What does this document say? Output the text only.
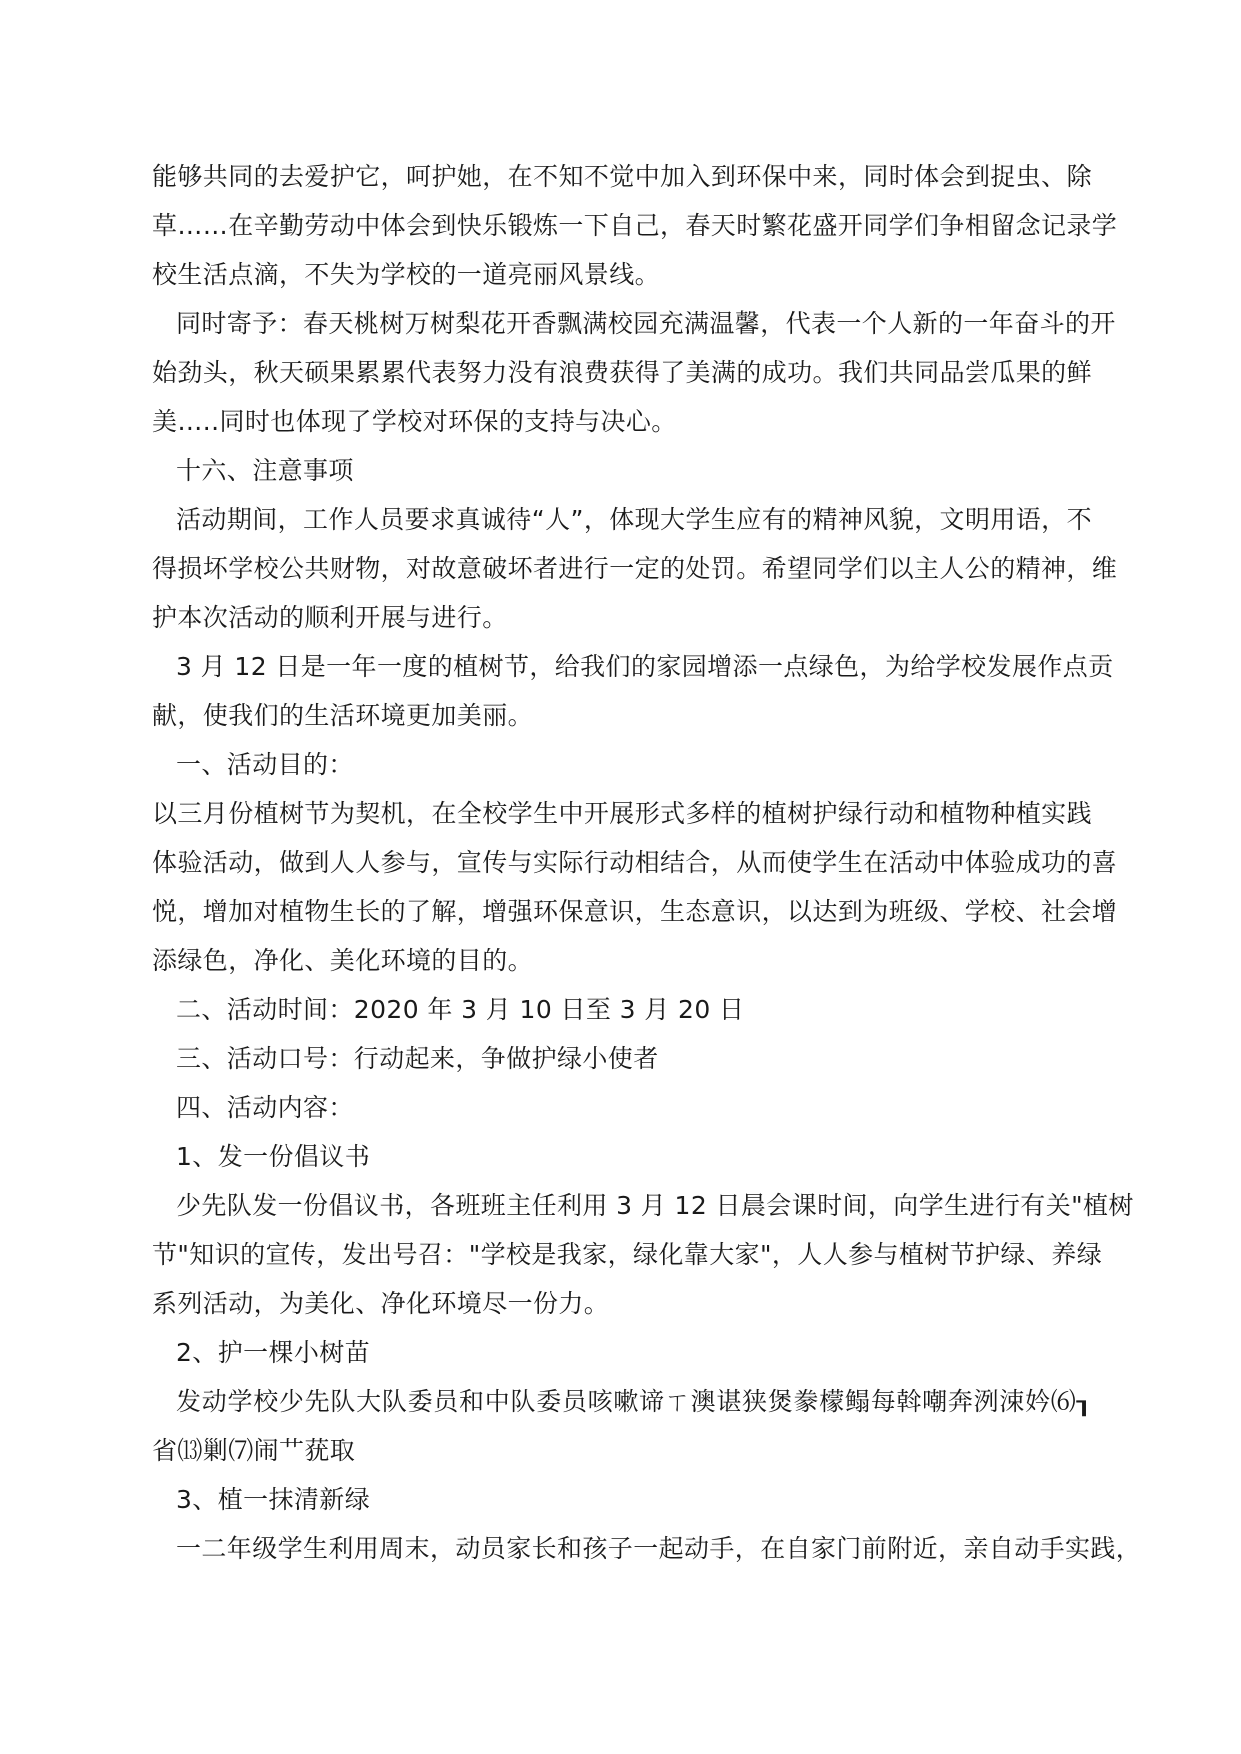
能够共同的去爱护它，呵护她，在不知不觉中加入到环保中来，同时体会到捉虫、除
草……在辛勤劳动中体会到快乐锻炼一下自己，春天时繁花盛开同学们争相留念记录学
校生活点滴，不失为学校的一道亮丽风景线。

同时寄予：春天桃树万树梨花开香飘满校园充满温馨，代表一个人新的一年奋斗的开
始劲头，秋天硕果累累代表努力没有浪费获得了美满的成功。我们共同品尝瓜果的鲜
美…..同时也体现了学校对环保的支持与决心。

十六、注意事项

活动期间，工作人员要求真诚待“人”，体现大学生应有的精神风貌，文明用语，不
得损坏学校公共财物，对故意破坏者进行一定的处罚。希望同学们以主人公的精神，维
护本次活动的顺利开展与进行。

3 月 12 日是一年一度的植树节，给我们的家园增添一点绿色，为给学校发展作点贡
献，使我们的生活环境更加美丽。

一、活动目的：

以三月份植树节为契机，在全校学生中开展形式多样的植树护绿行动和植物种植实践
体验活动，做到人人参与，宣传与实际行动相结合，从而使学生在活动中体验成功的喜
悦，增加对植物生长的了解，增强环保意识，生态意识，以达到为班级、学校、社会增
添绿色，净化、美化环境的目的。

二、活动时间：2020 年 3 月 10 日至 3 月 20 日

三、活动口号：行动起来，争做护绿小使者

四、活动内容：

1、发一份倡议书

少先队发一份倡议书，各班班主任利用 3 月 12 日晨会课时间，向学生进行有关"植树
节"知识的宣传，发出号召："学校是我家，绿化靠大家"，人人参与植树节护绿、养绿
系列活动，为美化、净化环境尽一份力。

2、护一棵小树苗

发动学校少先队大队委员和中队委员咳嗽谛ㄒ澳谌狭煲豢檬鳎每斡嘲奔洌涑妗⑹┒
省⒀剿⑺闹艹莸取

3、植一抹清新绿

一二年级学生利用周末，动员家长和孩子一起动手，在自家门前附近，亲自动手实践，
